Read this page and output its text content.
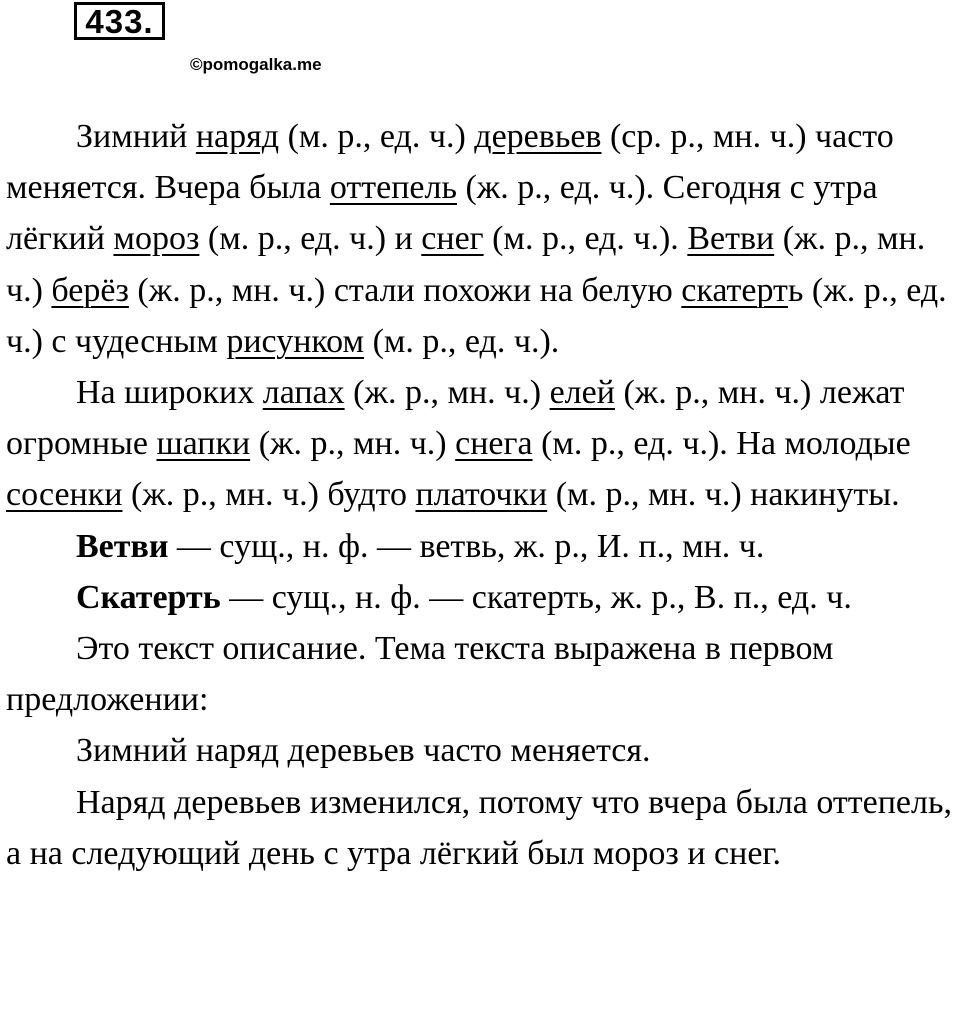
433.
©pomogalka.me

Зимний наряд (м. р., ед. ч.) деревьев (ср. р., мн. ч.) часто меняется. Вчера была оттепель (ж. р., ед. ч.). Сегодня с утра лёгкий мороз (м. р., ед. ч.) и снег (м. р., ед. ч.). Ветви (ж. р., мн. ч.) берёз (ж. р., мн. ч.) стали похожи на белую скатерть (ж. р., ед. ч.) с чудесным рисунком (м. р., ед. ч.).

На широких лапах (ж. р., мн. ч.) елей (ж. р., мн. ч.) лежат огромные шапки (ж. р., мн. ч.) снега (м. р., ед. ч.). На молодые сосенки (ж. р., мн. ч.) будто платочки (м. р., мн. ч.) накинуты.

Ветви — сущ., н. ф. — ветвь, ж. р., И. п., мн. ч.

Скатерть — сущ., н. ф. — скатерть, ж. р., В. п., ед. ч.

Это текст описание. Тема текста выражена в первом предложении:

Зимний наряд деревьев часто меняется.

Наряд деревьев изменился, потому что вчера была оттепель, а на следующий день с утра лёгкий был мороз и снег.
